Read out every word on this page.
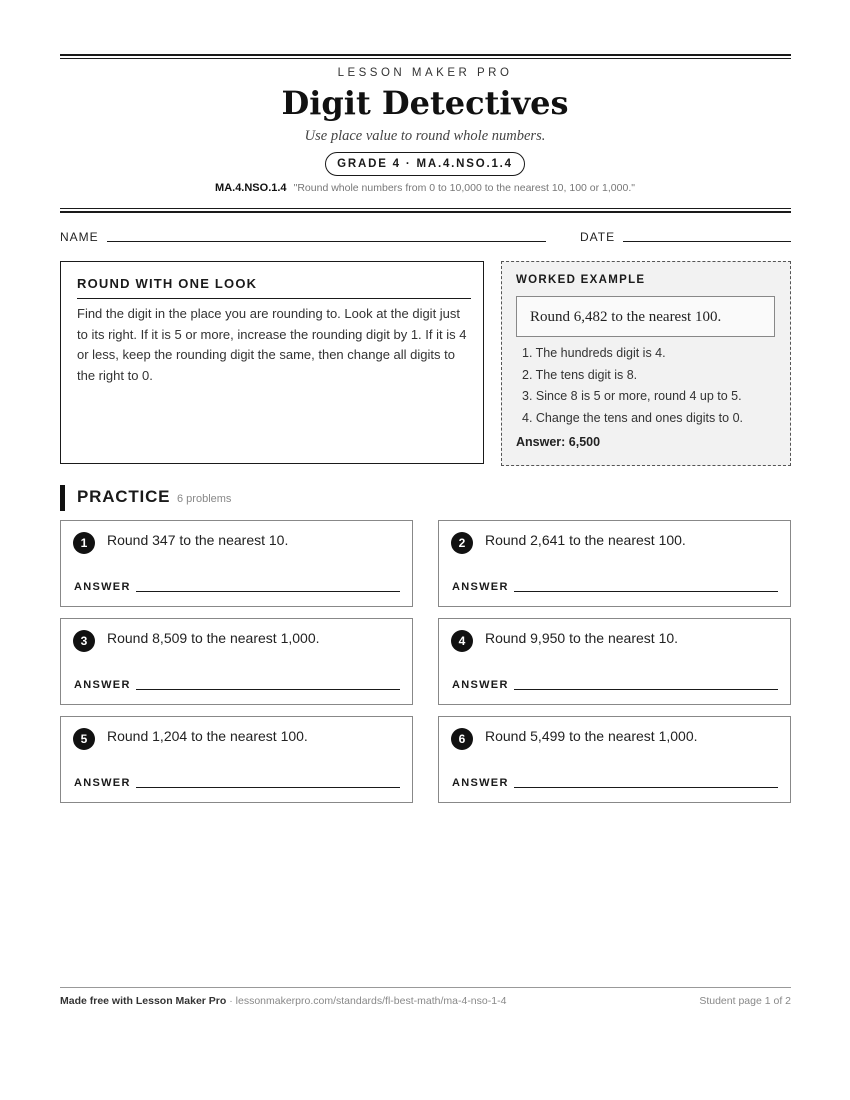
LESSON MAKER PRO
Digit Detectives
Use place value to round whole numbers.
GRADE 4 · MA.4.NSO.1.4
MA.4.NSO.1.4 "Round whole numbers from 0 to 10,000 to the nearest 10, 100 or 1,000."
NAME	DATE
ROUND WITH ONE LOOK
Find the digit in the place you are rounding to. Look at the digit just to its right. If it is 5 or more, increase the rounding digit by 1. If it is 4 or less, keep the rounding digit the same, then change all digits to the right to 0.
WORKED EXAMPLE
Round 6,482 to the nearest 100.
1. The hundreds digit is 4.
2. The tens digit is 8.
3. Since 8 is 5 or more, round 4 up to 5.
4. Change the tens and ones digits to 0.
Answer: 6,500
PRACTICE 6 problems
1	Round 347 to the nearest 10.
ANSWER
2	Round 2,641 to the nearest 100.
ANSWER
3	Round 8,509 to the nearest 1,000.
ANSWER
4	Round 9,950 to the nearest 10.
ANSWER
5	Round 1,204 to the nearest 100.
ANSWER
6	Round 5,499 to the nearest 1,000.
ANSWER
Made free with Lesson Maker Pro · lessonmakerpro.com/standards/fl-best-math/ma-4-nso-1-4	Student page 1 of 2
